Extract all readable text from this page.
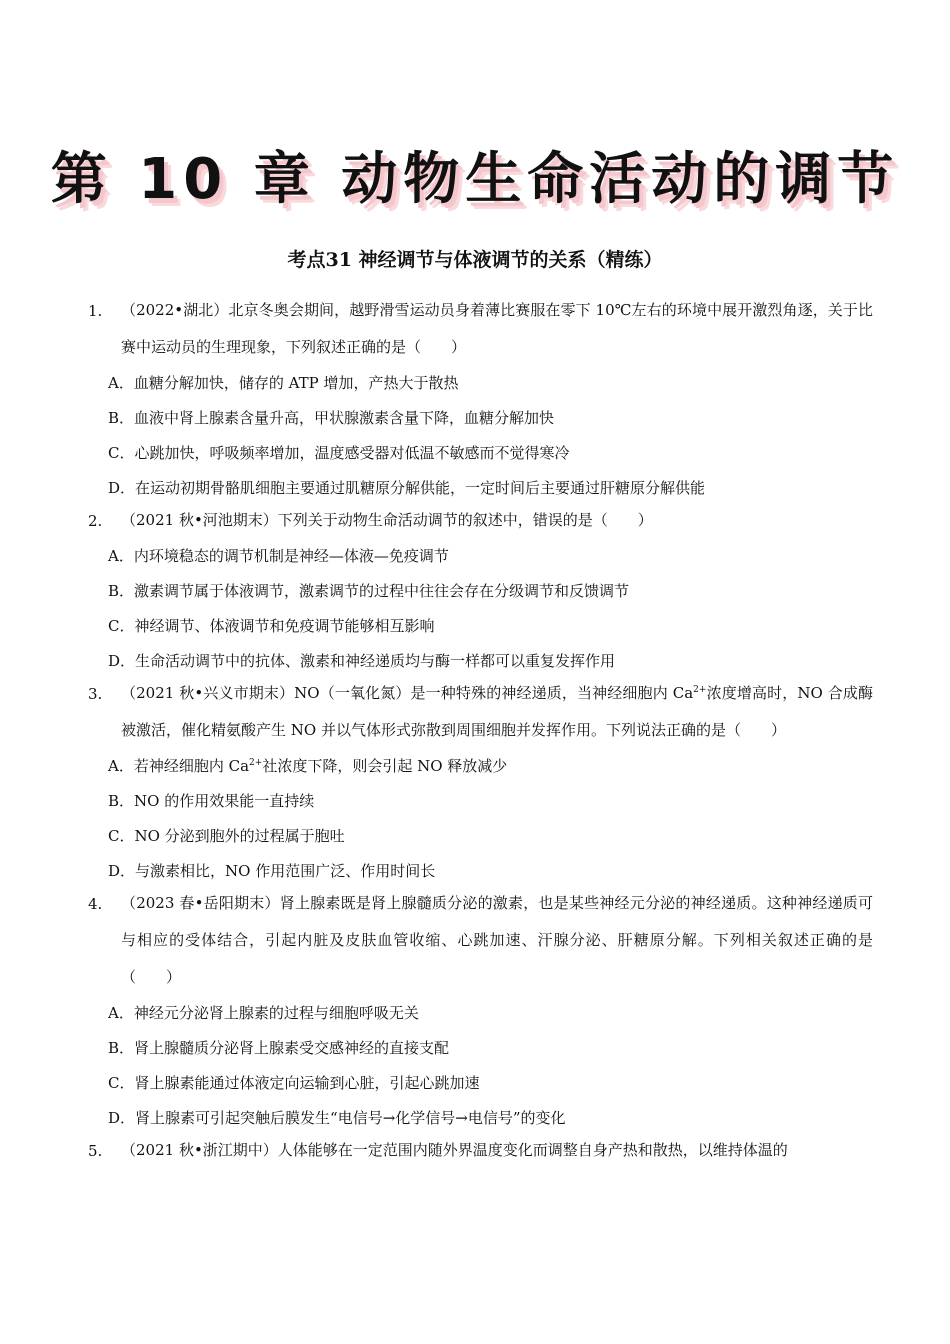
第 10 章 动物生命活动的调节
考点31 神经调节与体液调节的关系（精练）
1. （2022•湖北）北京冬奥会期间，越野滑雪运动员身着薄比赛服在零下 10℃左右的环境中展开激烈角逐，关于比赛中运动员的生理现象，下列叙述正确的是（　　）
A．血糖分解加快，储存的 ATP 增加，产热大于散热
B．血液中肾上腺素含量升高，甲状腺激素含量下降，血糖分解加快
C．心跳加快，呼吸频率增加，温度感受器对低温不敏感而不觉得寒冷
D．在运动初期骨骼肌细胞主要通过肌糖原分解供能，一定时间后主要通过肝糖原分解供能
2. （2021 秋•河池期末）下列关于动物生命活动调节的叙述中，错误的是（　　）
A．内环境稳态的调节机制是神经—体液—免疫调节
B．激素调节属于体液调节，激素调节的过程中往往会存在分级调节和反馈调节
C．神经调节、体液调节和免疫调节能够相互影响
D．生命活动调节中的抗体、激素和神经递质均与酶一样都可以重复发挥作用
3. （2021 秋•兴义市期末）NO（一氧化氮）是一种特殊的神经递质，当神经细胞内 $Ca^{2+}$浓度增高时，NO 合成酶被激活，催化精氨酸产生 NO 并以气体形式弥散到周围细胞并发挥作用。下列说法正确的是（　　）
A．若神经细胞内 $Ca^{2+}$社浓度下降，则会引起 NO 释放减少
B．NO 的作用效果能一直持续
C．NO 分泌到胞外的过程属于胞吐
D．与激素相比，NO 作用范围广泛、作用时间长
4. （2023 春•岳阳期末）肾上腺素既是肾上腺髓质分泌的激素，也是某些神经元分泌的神经递质。这种神经递质可与相应的受体结合，引起内脏及皮肤血管收缩、心跳加速、汗腺分泌、肝糖原分解。下列相关叙述正确的是（　　）
A．神经元分泌肾上腺素的过程与细胞呼吸无关
B．肾上腺髓质分泌肾上腺素受交感神经的直接支配
C．肾上腺素能通过体液定向运输到心脏，引起心跳加速
D．肾上腺素可引起突触后膜发生“电信号→化学信号→电信号”的变化
5. （2021 秋•浙江期中）人体能够在一定范围内随外界温度变化而调整自身产热和散热，以维持体温的
